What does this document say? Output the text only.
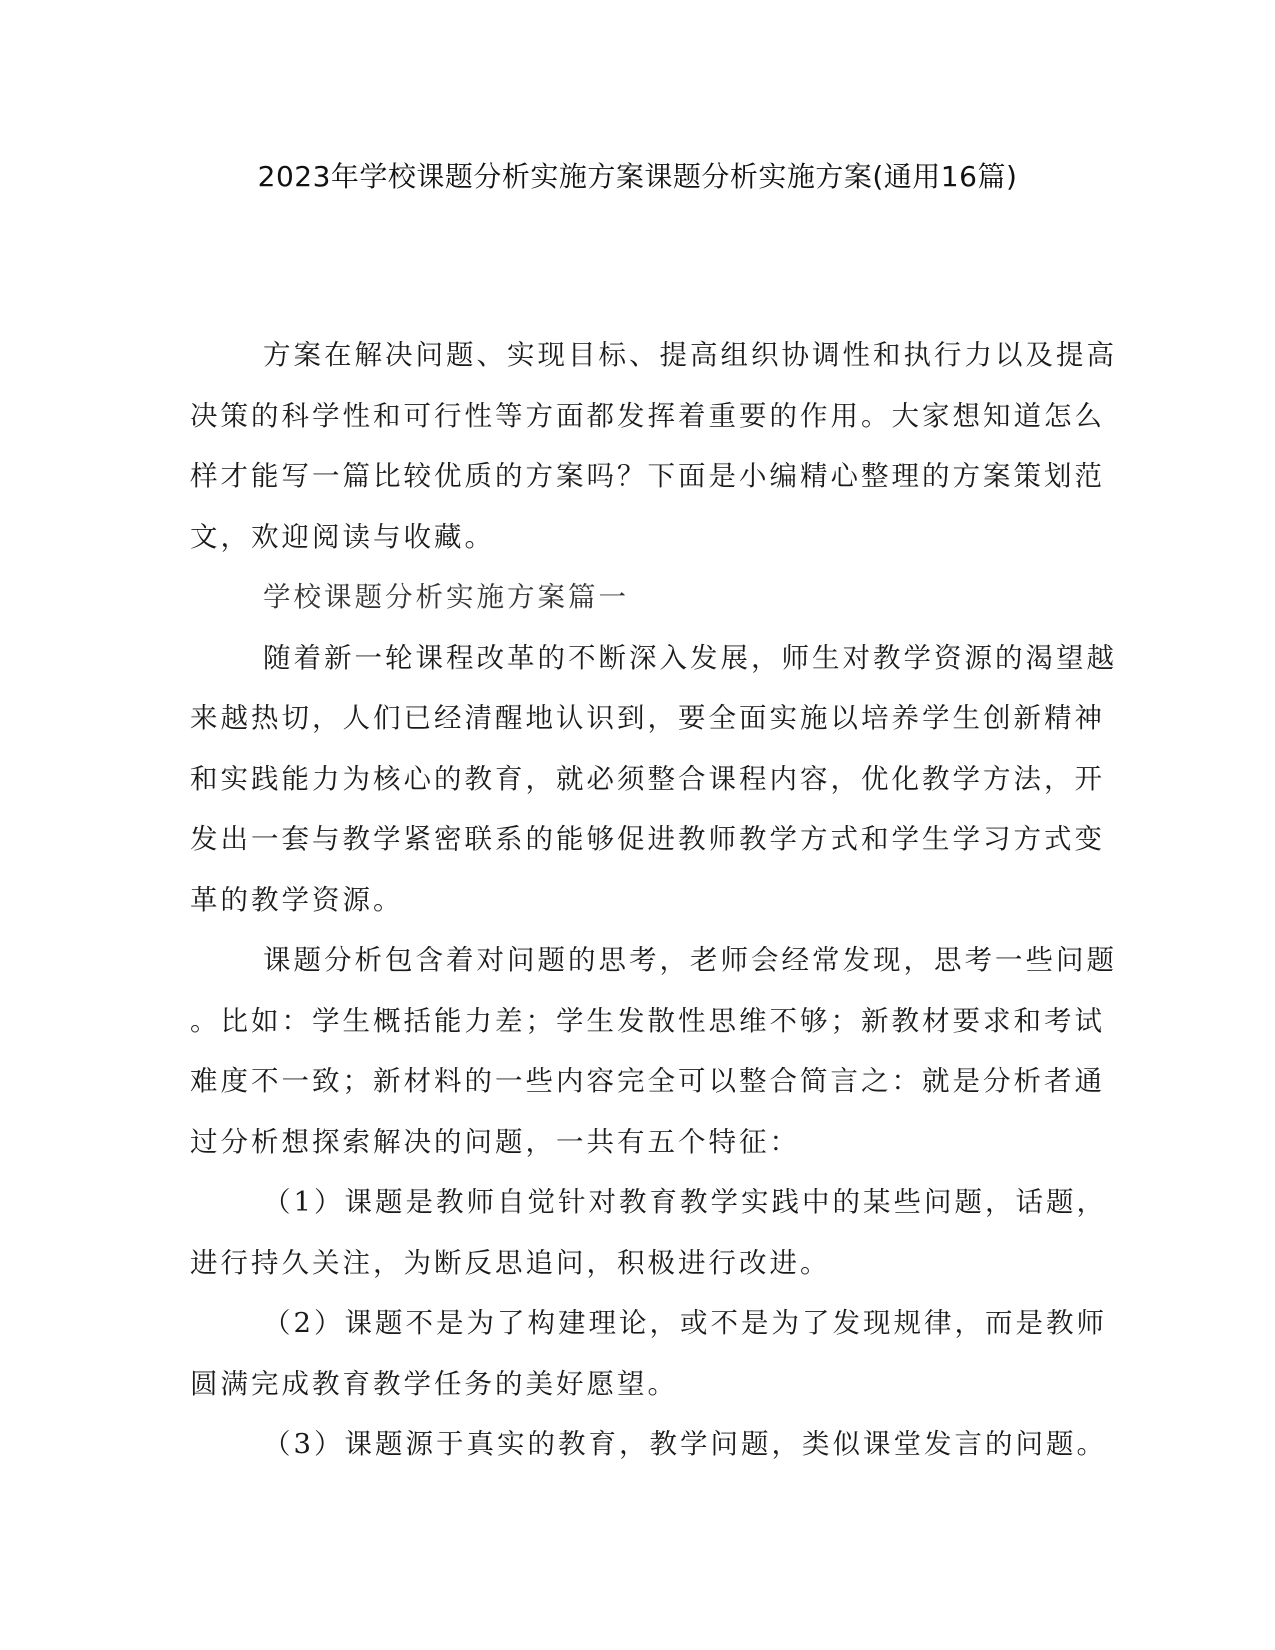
2023年学校课题分析实施方案课题分析实施方案(通用16篇)
方案在解决问题、实现目标、提高组织协调性和执行力以及提高
决策的科学性和可行性等方面都发挥着重要的作用。大家想知道怎么
样才能写一篇比较优质的方案吗？下面是小编精心整理的方案策划范
文，欢迎阅读与收藏。
学校课题分析实施方案篇一
随着新一轮课程改革的不断深入发展，师生对教学资源的渴望越
来越热切，人们已经清醒地认识到，要全面实施以培养学生创新精神
和实践能力为核心的教育，就必须整合课程内容，优化教学方法，开
发出一套与教学紧密联系的能够促进教师教学方式和学生学习方式变
革的教学资源。
课题分析包含着对问题的思考，老师会经常发现，思考一些问题
。比如：学生概括能力差；学生发散性思维不够；新教材要求和考试
难度不一致；新材料的一些内容完全可以整合简言之：就是分析者通
过分析想探索解决的问题，一共有五个特征：
（1）课题是教师自觉针对教育教学实践中的某些问题，话题，
进行持久关注，为断反思追问，积极进行改进。
（2）课题不是为了构建理论，或不是为了发现规律，而是教师
圆满完成教育教学任务的美好愿望。
（3）课题源于真实的教育，教学问题，类似课堂发言的问题。
